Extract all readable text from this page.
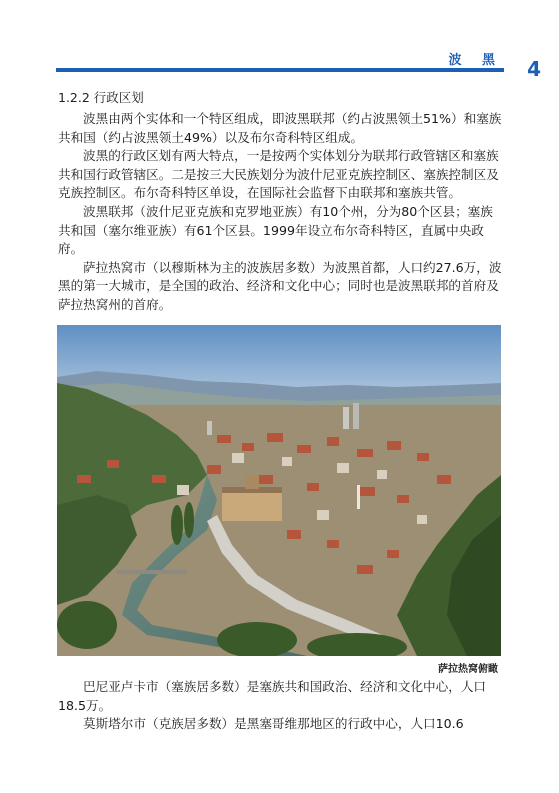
波 黑 4
1.2.2 行政区划

波黑由两个实体和一个特区组成，即波黑联邦（约占波黑领土51%）和塞族共和国（约占波黑领土49%）以及布尔奇科特区组成。

波黑的行政区划有两大特点，一是按两个实体划分为联邦行政管辖区和塞族共和国行政管辖区。二是按三大民族划分为波什尼亚克族控制区、塞族控制区及克族控制区。布尔奇科特区单设，在国际社会监督下由联邦和塞族共管。

波黑联邦（波什尼亚克族和克罗地亚族）有10个州，分为80个区县；塞族共和国（塞尔维亚族）有61个区县。1999年设立布尔奇科特区，直属中央政府。

萨拉热窝市（以穆斯林为主的波族居多数）为波黑首都，人口约27.6万，波黑的第一大城市，是全国的政治、经济和文化中心；同时也是波黑联邦的首府及萨拉热窝州的首府。

萨拉热窝俯瞰

巴尼亚卢卡市（塞族居多数）是塞族共和国政治、经济和文化中心，人口18.5万。

莫斯塔尔市（克族居多数）是黑塞哥维那地区的行政中心，人口10.6
